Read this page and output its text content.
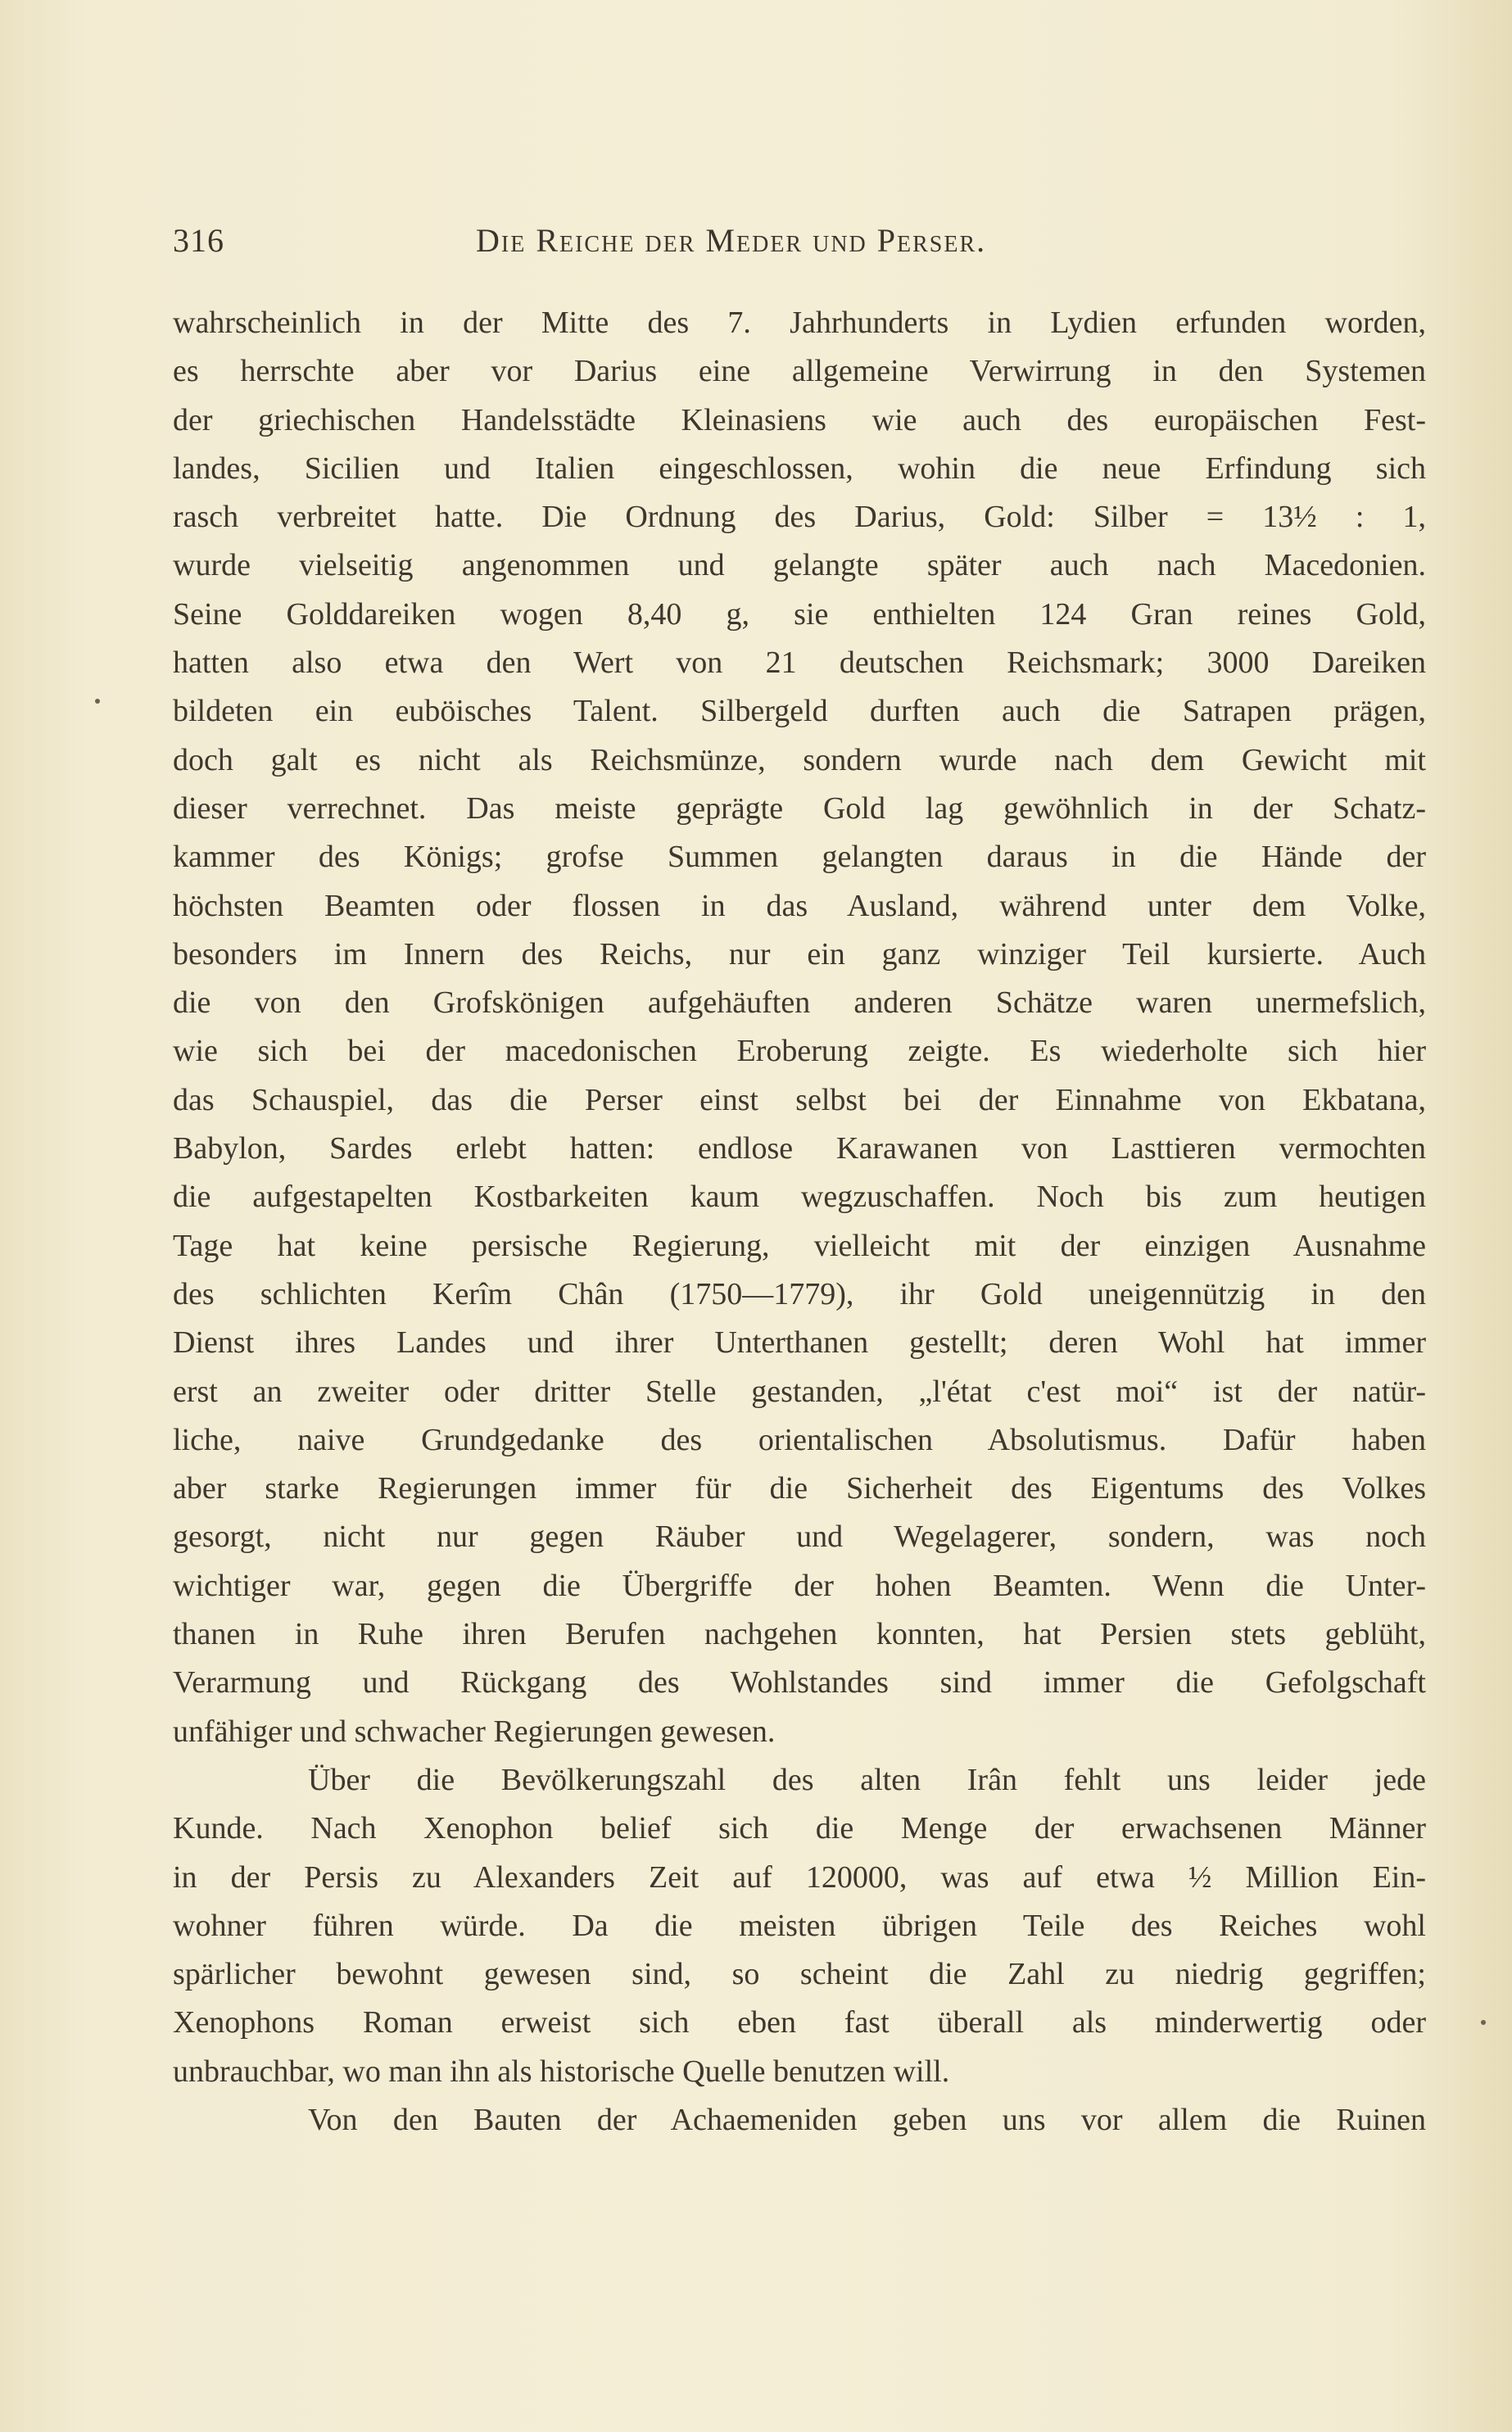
316	Die Reiche der Meder und Perser.
wahrscheinlich in der Mitte des 7. Jahrhunderts in Lydien erfunden worden,
es herrschte aber vor Darius eine allgemeine Verwirrung in den Systemen
der griechischen Handelsstädte Kleinasiens wie auch des europäischen Fest-
landes, Sicilien und Italien eingeschlossen, wohin die neue Erfindung sich
rasch verbreitet hatte. Die Ordnung des Darius, Gold: Silber = 13½ : 1,
wurde vielseitig angenommen und gelangte später auch nach Macedonien.
Seine Golddareiken wogen 8,40 g, sie enthielten 124 Gran reines Gold,
hatten also etwa den Wert von 21 deutschen Reichsmark; 3000 Dareiken
bildeten ein euböisches Talent. Silbergeld durften auch die Satrapen prägen,
doch galt es nicht als Reichsmünze, sondern wurde nach dem Gewicht mit
dieser verrechnet. Das meiste geprägte Gold lag gewöhnlich in der Schatz-
kammer des Königs; grofse Summen gelangten daraus in die Hände der
höchsten Beamten oder flossen in das Ausland, während unter dem Volke,
besonders im Innern des Reichs, nur ein ganz winziger Teil kursierte. Auch
die von den Grofskönigen aufgehäuften anderen Schätze waren unermefslich,
wie sich bei der macedonischen Eroberung zeigte. Es wiederholte sich hier
das Schauspiel, das die Perser einst selbst bei der Einnahme von Ekbatana,
Babylon, Sardes erlebt hatten: endlose Karawanen von Lasttieren vermochten
die aufgestapelten Kostbarkeiten kaum wegzuschaffen. Noch bis zum heutigen
Tage hat keine persische Regierung, vielleicht mit der einzigen Ausnahme
des schlichten Kerîm Chân (1750—1779), ihr Gold uneigennützig in den
Dienst ihres Landes und ihrer Unterthanen gestellt; deren Wohl hat immer
erst an zweiter oder dritter Stelle gestanden, „l'état c'est moi“ ist der natür-
liche, naive Grundgedanke des orientalischen Absolutismus. Dafür haben
aber starke Regierungen immer für die Sicherheit des Eigentums des Volkes
gesorgt, nicht nur gegen Räuber und Wegelagerer, sondern, was noch
wichtiger war, gegen die Übergriffe der hohen Beamten. Wenn die Unter-
thanen in Ruhe ihren Berufen nachgehen konnten, hat Persien stets geblüht,
Verarmung und Rückgang des Wohlstandes sind immer die Gefolgschaft
unfähiger und schwacher Regierungen gewesen.
Über die Bevölkerungszahl des alten Irân fehlt uns leider jede
Kunde. Nach Xenophon belief sich die Menge der erwachsenen Männer
in der Persis zu Alexanders Zeit auf 120000, was auf etwa ½ Million Ein-
wohner führen würde. Da die meisten übrigen Teile des Reiches wohl
spärlicher bewohnt gewesen sind, so scheint die Zahl zu niedrig gegriffen;
Xenophons Roman erweist sich eben fast überall als minderwertig oder
unbrauchbar, wo man ihn als historische Quelle benutzen will.
Von den Bauten der Achaemeniden geben uns vor allem die Ruinen
